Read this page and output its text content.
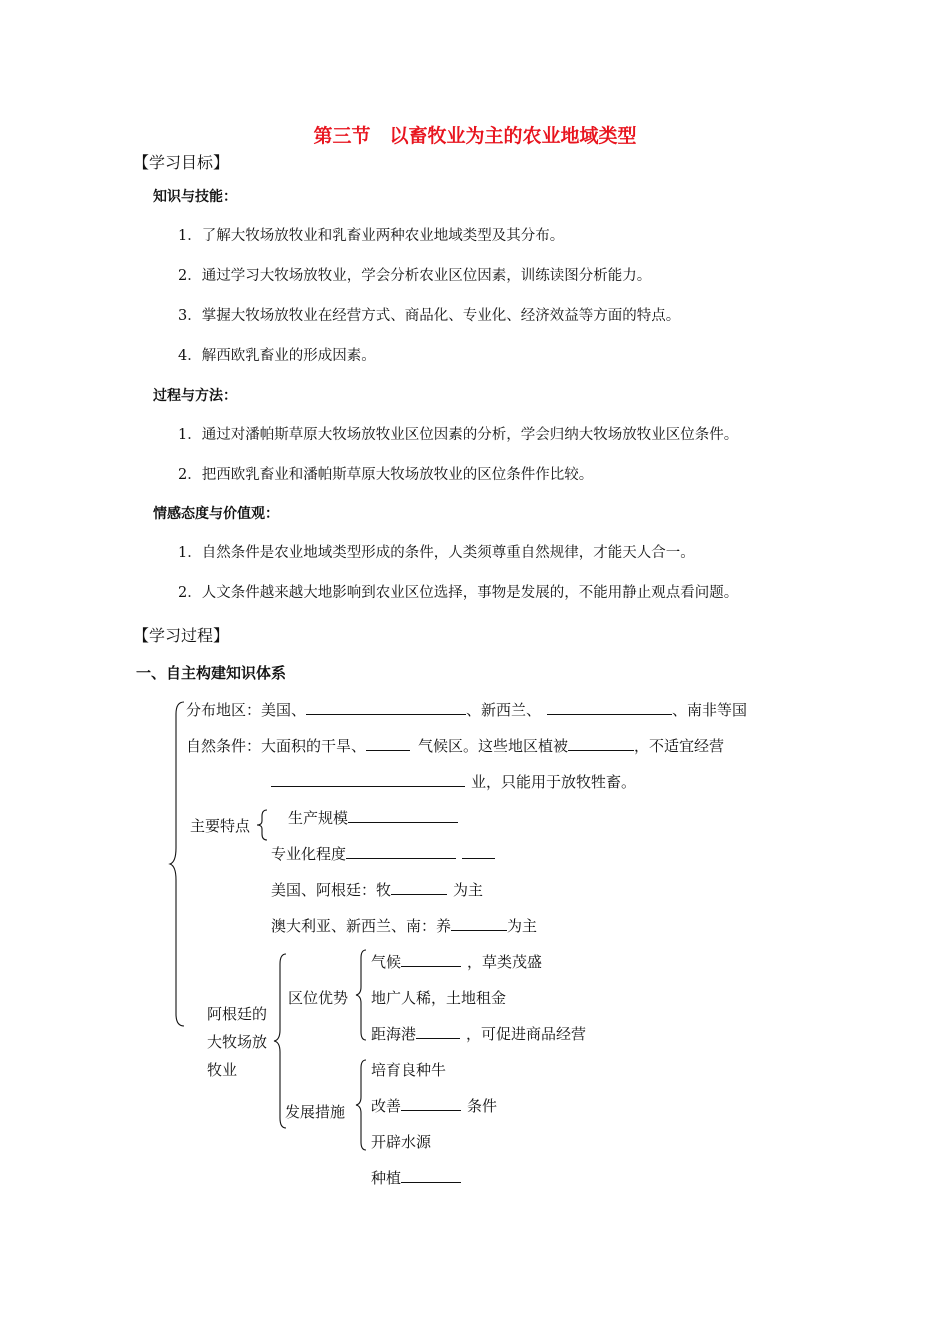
第三节　以畜牧业为主的农业地域类型
【学习目标】
知识与技能：
1．了解大牧场放牧业和乳畜业两种农业地域类型及其分布。
2．通过学习大牧场放牧业，学会分析农业区位因素，训练读图分析能力。
3．掌握大牧场放牧业在经营方式、商品化、专业化、经济效益等方面的特点。
4．解西欧乳畜业的形成因素。
过程与方法：
1．通过对潘帕斯草原大牧场放牧业区位因素的分析，学会归纳大牧场放牧业区位条件。
2．把西欧乳畜业和潘帕斯草原大牧场放牧业的区位条件作比较。
情感态度与价值观：
1．自然条件是农业地域类型形成的条件，人类须尊重自然规律，才能天人合一。
2．人文条件越来越大地影响到农业区位选择，事物是发展的，不能用静止观点看问题。
【学习过程】
一、自主构建知识体系
分布地区：美国、	、新西兰、	、南非等国
自然条件：大面积的干旱、	气候区。这些地区植被	，不适宜经营
业，只能用于放牧牲畜。
主要特点	生产规模
专业化程度
美国、阿根廷：牧	为主
澳大利亚、新西兰、南：养	为主
阿根廷的
大牧场放
牧业
区位优势
气候	，草类茂盛
地广人稀，土地租金
距海港	，可促进商品经营
发展措施
培育良种牛
改善	条件
开辟水源
种植
